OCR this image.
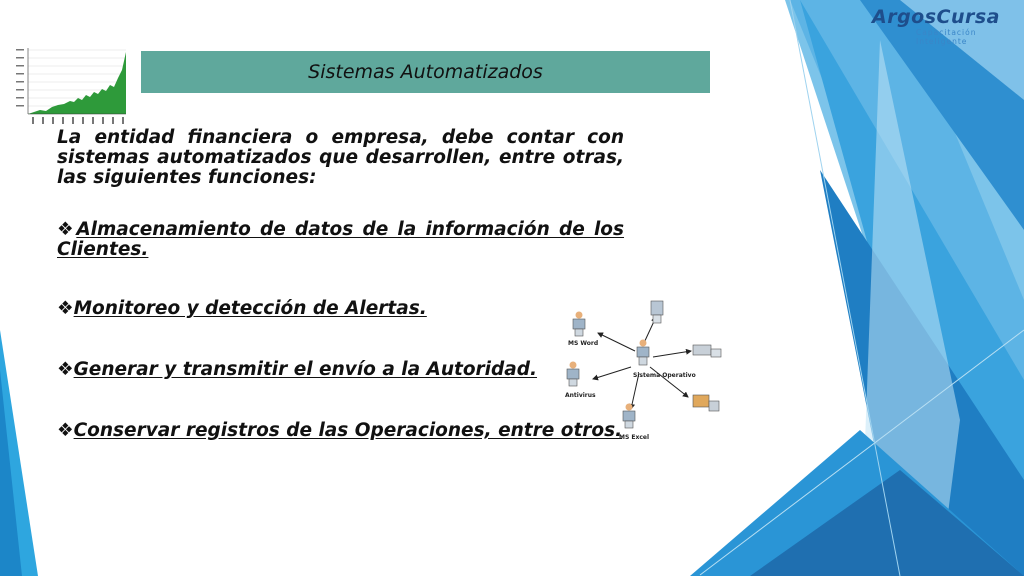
ArgosCursa
Capacitación
Inteligente
Sistemas Automatizados

La entidad financiera o empresa, debe contar con sistemas automatizados que desarrollen, entre otras, las siguientes funciones:

❖Almacenamiento de datos de la información de los Clientes.

❖Monitoreo y detección de Alertas.

❖Generar y transmitir el envío a la Autoridad.

❖Conservar registros de las Operaciones, entre otros.

Sistema Operativo
MS Word
Antivirus
MS Excel
